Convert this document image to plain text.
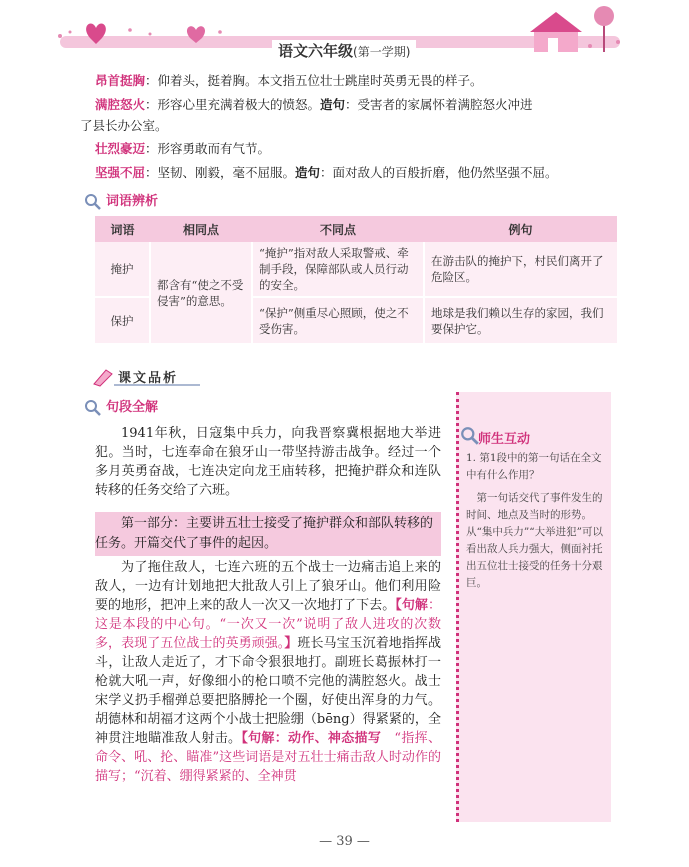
语文六年级(第一学期)
昂首挺胸：仰着头，挺着胸。本文指五位壮士跳崖时英勇无畏的样子。
满腔怒火：形容心里充满着极大的愤怒。造句：受害者的家属怀着满腔怒火冲进
了县长办公室。
壮烈豪迈：形容勇敢而有气节。
坚强不屈：坚韧、刚毅，毫不屈服。造句：面对敌人的百般折磨，他仍然坚强不屈。
词语辨析
词语	相同点	不同点	例句
掩护	都含有“使之不受侵害”的意思。	“掩护”指对敌人采取警戒、牵制手段，保障部队或人员行动的安全。	在游击队的掩护下，村民们离开了危险区。
保护		“保护”侧重尽心照顾，使之不受伤害。	地球是我们赖以生存的家园，我们要保护它。
课文品析
句段全解
1941年秋，日寇集中兵力，向我晋察冀根据地大举进犯。当时，七连奉命在狼牙山一带坚持游击战争。经过一个多月英勇奋战，七连决定向龙王庙转移，把掩护群众和连队转移的任务交给了六班。
第一部分：主要讲五壮士接受了掩护群众和部队转移的任务。开篇交代了事件的起因。
为了拖住敌人，七连六班的五个战士一边痛击追上来的敌人，一边有计划地把大批敌人引上了狼牙山。他们利用险要的地形，把冲上来的敌人一次又一次地打了下去。【句解：这是本段的中心句。“一次又一次”说明了敌人进攻的次数多，表现了五位战士的英勇顽强。】班长马宝玉沉着地指挥战斗，让敌人走近了，才下命令狠狠地打。副班长葛振林打一枪就大吼一声，好像细小的枪口喷不完他的满腔怒火。战士宋学义扔手榴弹总要把胳膊抡一个圈，好使出浑身的力气。胡德林和胡福才这两个小战士把脸绷（bēng）得紧紧的，全神贯注地瞄准敌人射击。【句解：动作、神态描写　“指挥、命令、吼、抡、瞄准”这些词语是对五壮士痛击敌人时动作的描写；“沉着、绷得紧紧的、全神贯
师生互动
1. 第1段中的第一句话在全文中有什么作用？
　第一句话交代了事件发生的时间、地点及当时的形势。从“集中兵力”“大举进犯”可以看出敌人兵力强大，侧面衬托出五位壮士接受的任务十分艰巨。
— 39 —
